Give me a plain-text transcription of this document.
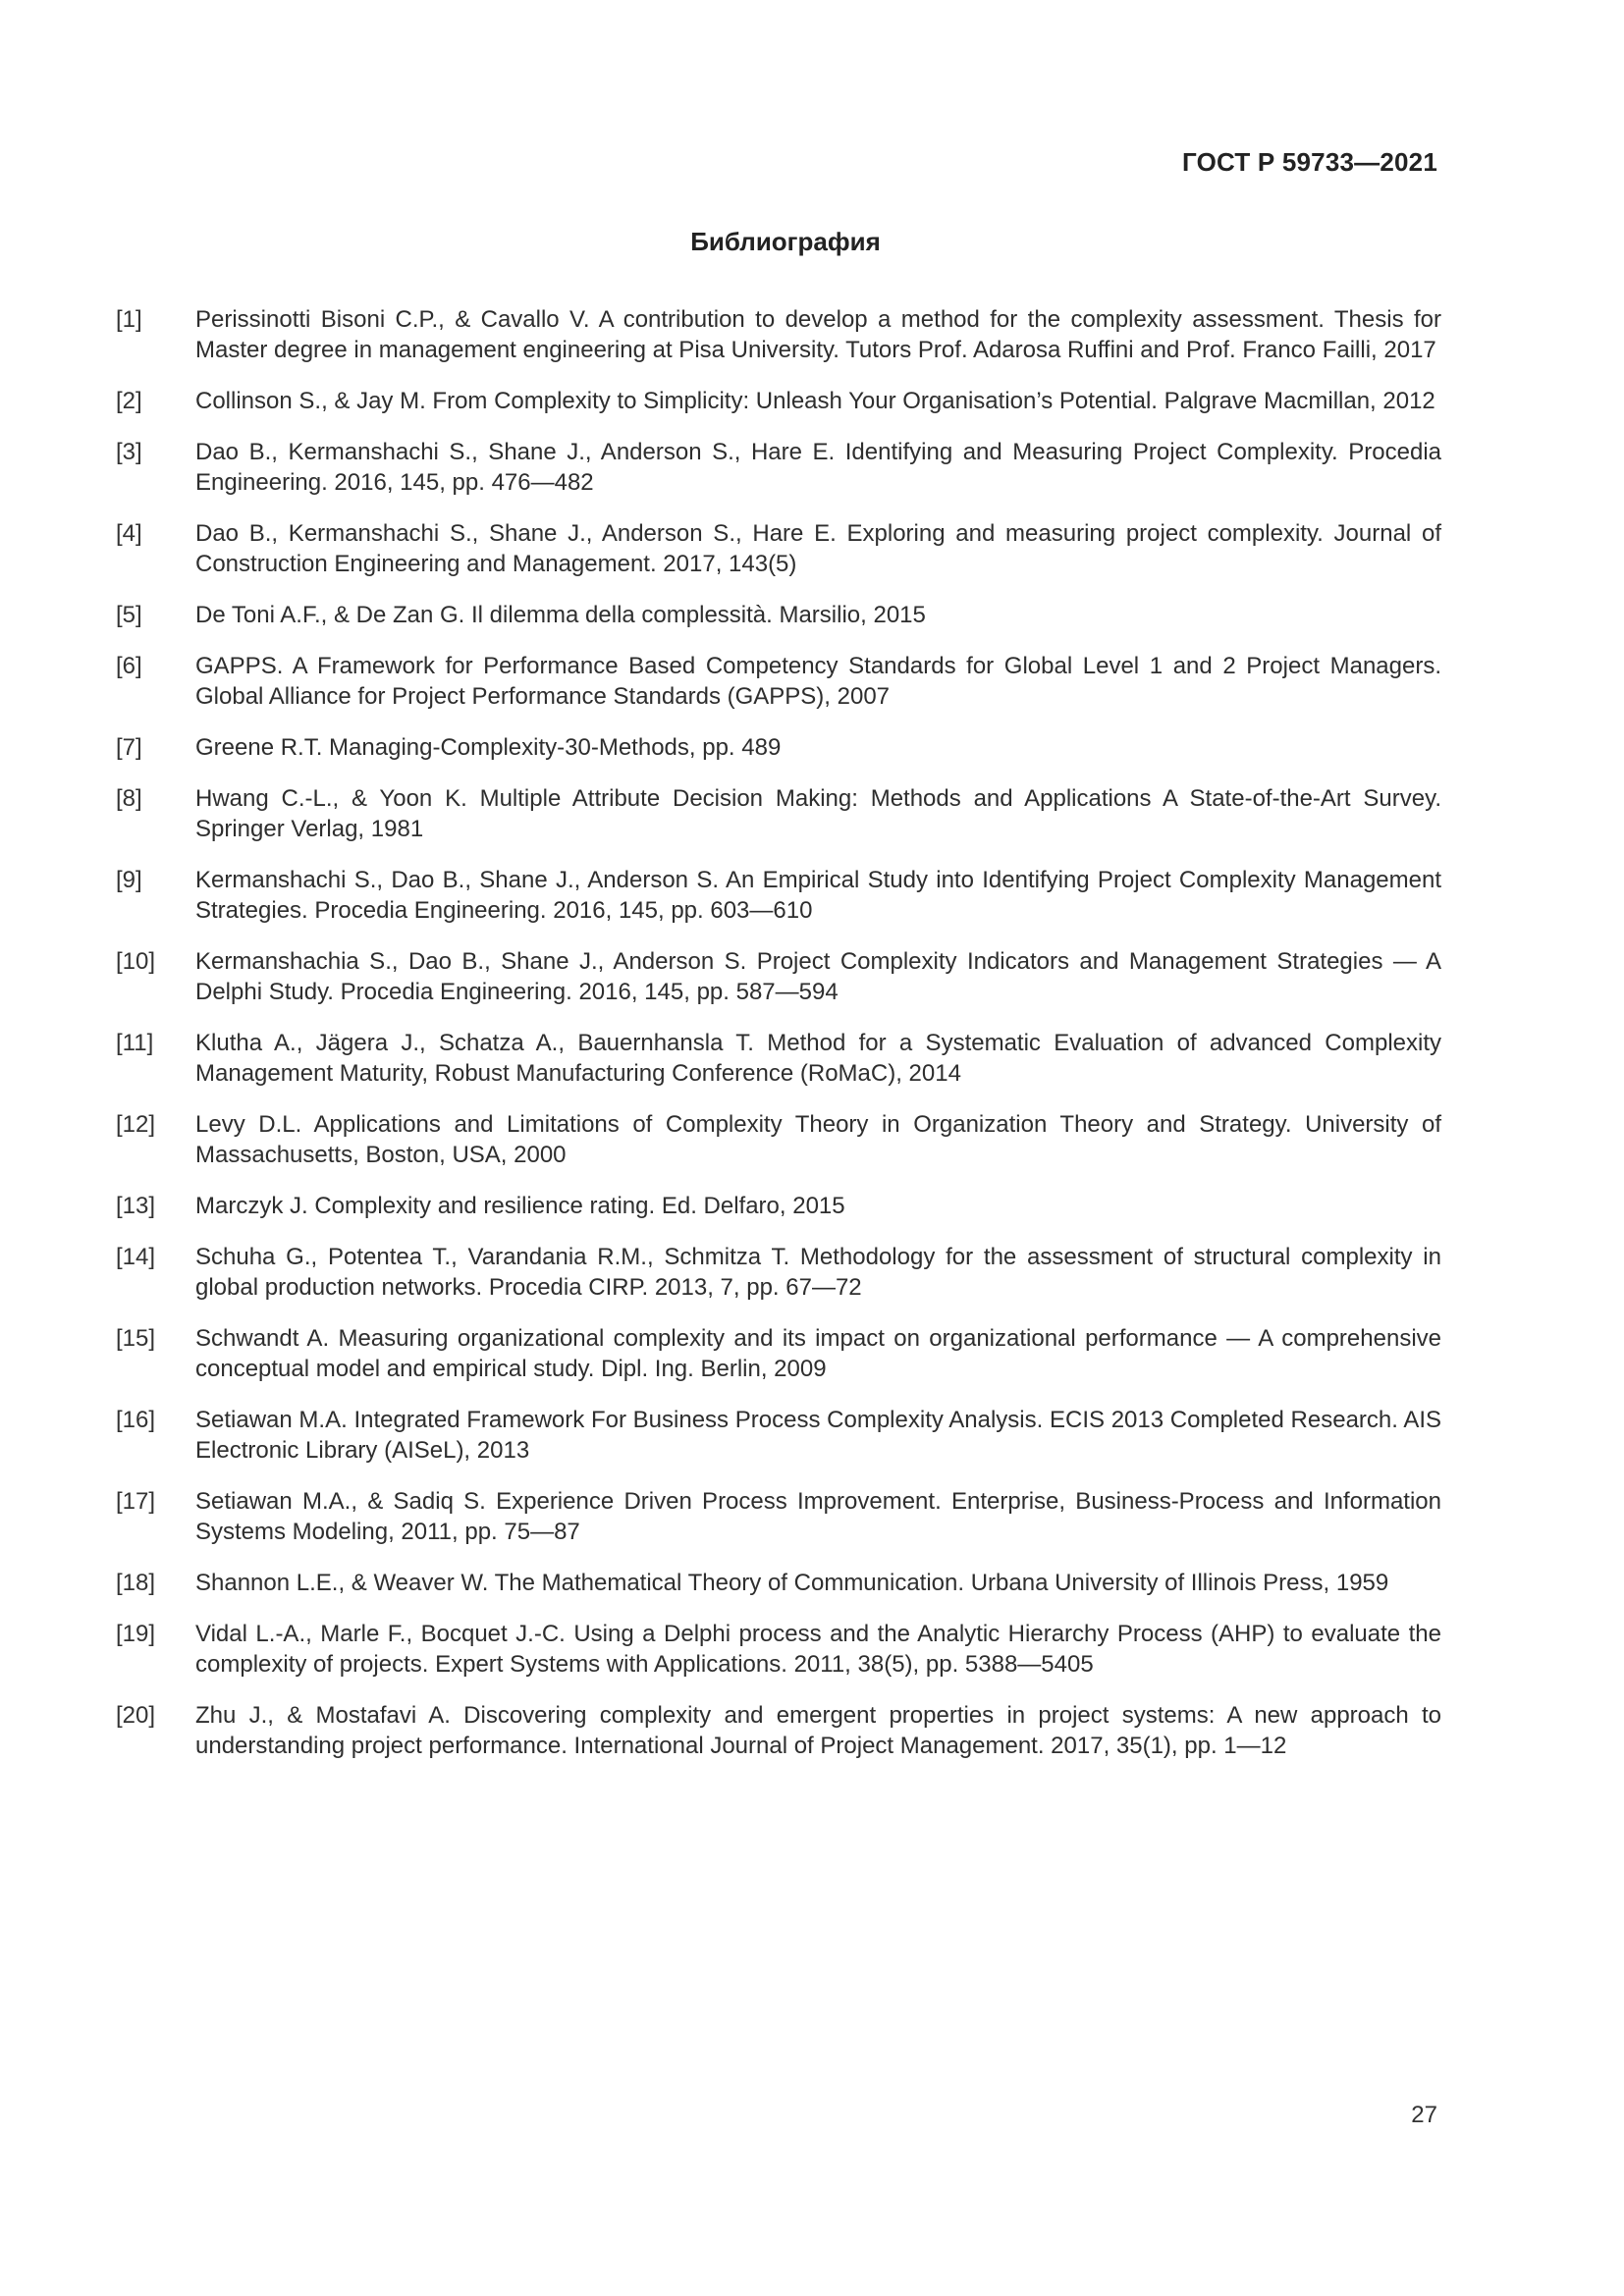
ГОСТ Р 59733—2021
Библиография
[1]	Perissinotti Bisoni C.P., & Cavallo V. A contribution to develop a method for the complexity assessment. Thesis for Master degree in management engineering at Pisa University. Tutors Prof. Adarosa Ruffini and Prof. Franco Failli, 2017
[2]	Collinson S., & Jay M. From Complexity to Simplicity: Unleash Your Organisation’s Potential. Palgrave Macmillan, 2012
[3]	Dao B., Kermanshachi S., Shane J., Anderson S., Hare E. Identifying and Measuring Project Complexity. Procedia Engineering. 2016, 145, pp. 476—482
[4]	Dao B., Kermanshachi S., Shane J., Anderson S., Hare E. Exploring and measuring project complexity. Journal of Construction Engineering and Management. 2017, 143(5)
[5]	De Toni A.F., & De Zan G. Il dilemma della complessità. Marsilio, 2015
[6]	GAPPS. A Framework for Performance Based Competency Standards for Global Level 1 and 2 Project Managers. Global Alliance for Project Performance Standards (GAPPS), 2007
[7]	Greene R.T. Managing-Complexity-30-Methods, pp. 489
[8]	Hwang C.-L., & Yoon K. Multiple Attribute Decision Making: Methods and Applications A State-of-the-Art Survey. Springer Verlag, 1981
[9]	Kermanshachi S., Dao B., Shane J., Anderson S. An Empirical Study into Identifying Project Complexity Management Strategies. Procedia Engineering. 2016, 145, pp. 603—610
[10]	Kermanshachia S., Dao B., Shane J., Anderson S. Project Complexity Indicators and Management Strategies — A Delphi Study. Procedia Engineering. 2016, 145, pp. 587—594
[11]	Klutha A., Jägera J., Schatza A., Bauernhansla T. Method for a Systematic Evaluation of advanced Complexity Management Maturity, Robust Manufacturing Conference (RoMaC), 2014
[12]	Levy D.L. Applications and Limitations of Complexity Theory in Organization Theory and Strategy. University of Massachusetts, Boston, USA, 2000
[13]	Marczyk J. Complexity and resilience rating. Ed. Delfaro, 2015
[14]	Schuha G., Potentea T., Varandania R.M., Schmitza T. Methodology for the assessment of structural complexity in global production networks. Procedia CIRP. 2013, 7, pp. 67—72
[15]	Schwandt A. Measuring organizational complexity and its impact on organizational performance — A comprehensive conceptual model and empirical study. Dipl. Ing. Berlin, 2009
[16]	Setiawan M.A. Integrated Framework For Business Process Complexity Analysis. ECIS 2013 Completed Research. AIS Electronic Library (AISeL), 2013
[17]	Setiawan M.A., & Sadiq S. Experience Driven Process Improvement. Enterprise, Business-Process and Information Systems Modeling, 2011, pp. 75—87
[18]	Shannon L.E., & Weaver W. The Mathematical Theory of Communication. Urbana University of Illinois Press, 1959
[19]	Vidal L.-A., Marle F., Bocquet J.-C. Using a Delphi process and the Analytic Hierarchy Process (AHP) to evaluate the complexity of projects. Expert Systems with Applications. 2011, 38(5), pp. 5388—5405
[20]	Zhu J., & Mostafavi A. Discovering complexity and emergent properties in project systems: A new approach to understanding project performance. International Journal of Project Management. 2017, 35(1), pp. 1—12
27
